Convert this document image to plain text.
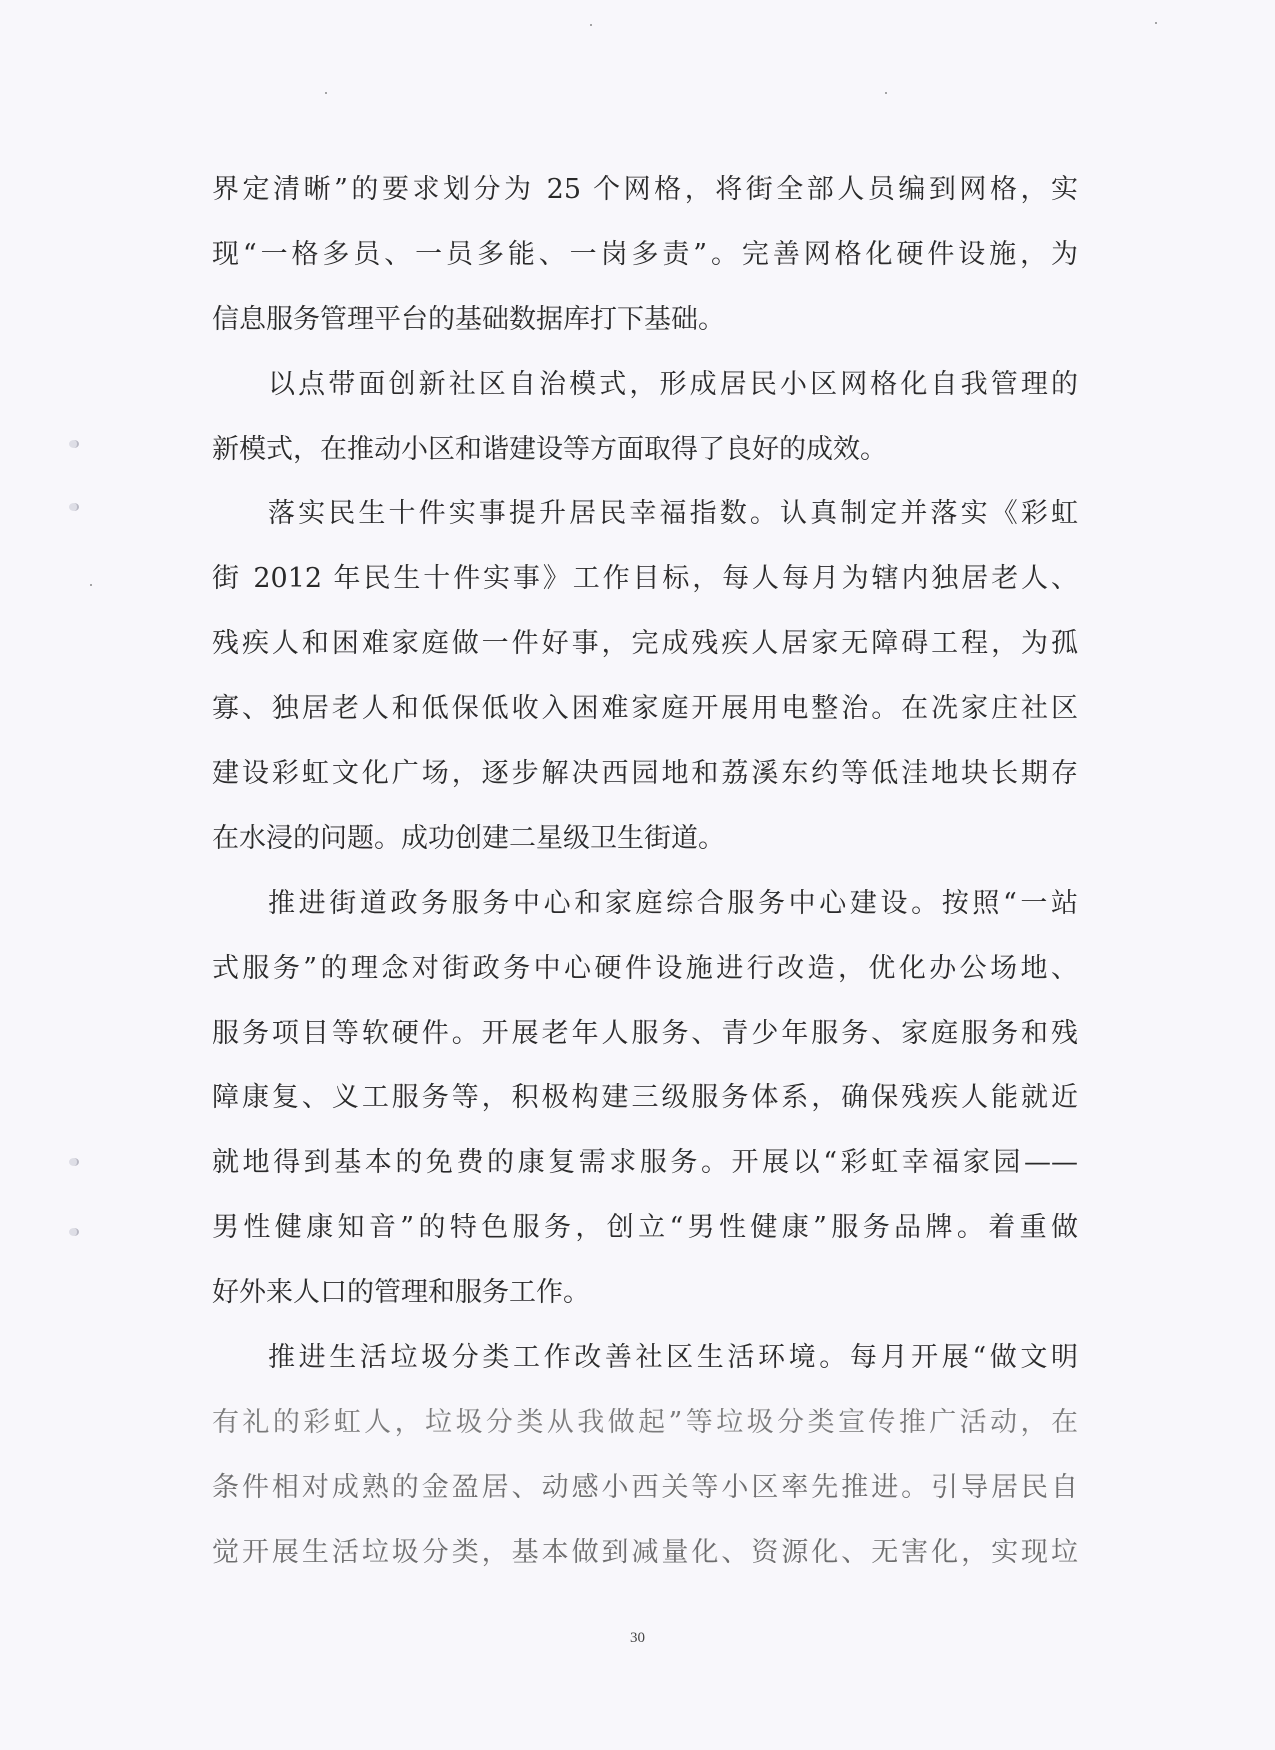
界定清晰”的要求划分为 25 个网格，将街全部人员编到网格，实
现“一格多员、一员多能、一岗多责”。完善网格化硬件设施，为
信息服务管理平台的基础数据库打下基础。
以点带面创新社区自治模式，形成居民小区网格化自我管理的
新模式，在推动小区和谐建设等方面取得了良好的成效。
落实民生十件实事提升居民幸福指数。认真制定并落实《彩虹
街 2012 年民生十件实事》工作目标，每人每月为辖内独居老人、
残疾人和困难家庭做一件好事，完成残疾人居家无障碍工程，为孤
寡、独居老人和低保低收入困难家庭开展用电整治。在冼家庄社区
建设彩虹文化广场，逐步解决西园地和荔溪东约等低洼地块长期存
在水浸的问题。成功创建二星级卫生街道。
推进街道政务服务中心和家庭综合服务中心建设。按照“一站
式服务”的理念对街政务中心硬件设施进行改造，优化办公场地、
服务项目等软硬件。开展老年人服务、青少年服务、家庭服务和残
障康复、义工服务等，积极构建三级服务体系，确保残疾人能就近
就地得到基本的免费的康复需求服务。开展以“彩虹幸福家园——
男性健康知音”的特色服务，创立“男性健康”服务品牌。着重做
好外来人口的管理和服务工作。
推进生活垃圾分类工作改善社区生活环境。每月开展“做文明
有礼的彩虹人，垃圾分类从我做起”等垃圾分类宣传推广活动，在
条件相对成熟的金盈居、动感小西关等小区率先推进。引导居民自
觉开展生活垃圾分类，基本做到减量化、资源化、无害化，实现垃
30
